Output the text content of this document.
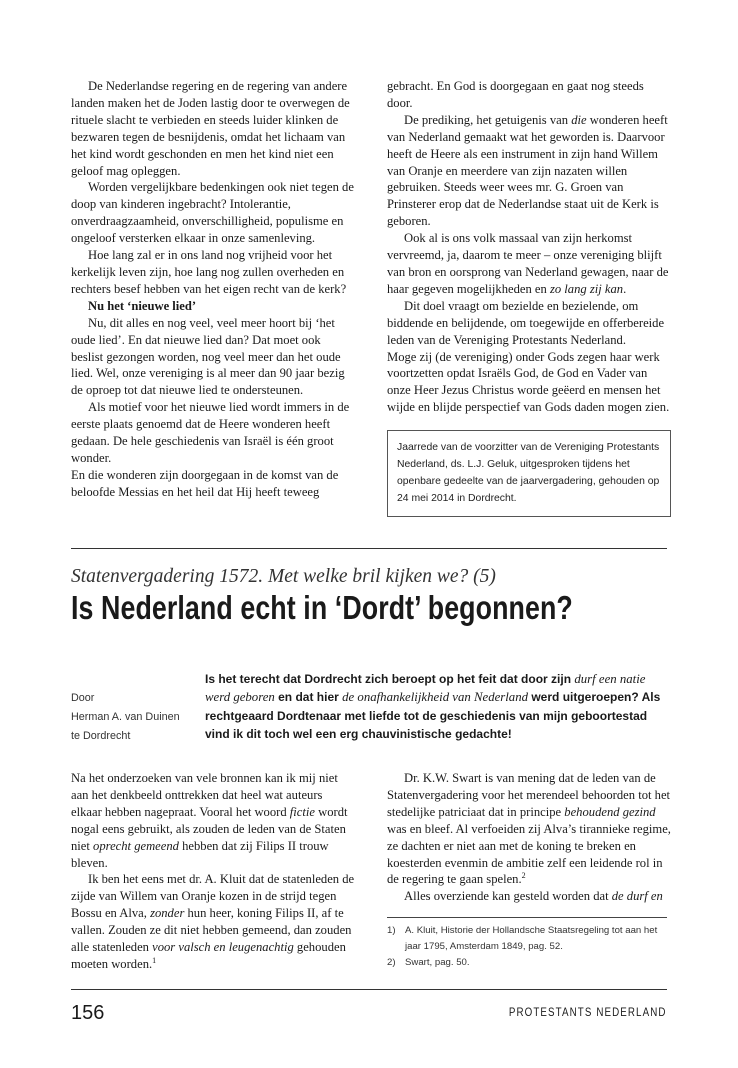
De Nederlandse regering en de regering van andere landen maken het de Joden lastig door te overwegen de rituele slacht te verbieden en steeds luider klinken de bezwaren tegen de besnijdenis, omdat het lichaam van het kind wordt geschonden en men het kind niet een geloof mag opleggen.

Worden vergelijkbare bedenkingen ook niet tegen de doop van kinderen ingebracht? Intolerantie, onverdraagzaamheid, onverschilligheid, populisme en ongeloof versterken elkaar in onze samenleving.

Hoe lang zal er in ons land nog vrijheid voor het kerkelijk leven zijn, hoe lang nog zullen overheden en rechters besef hebben van het eigen recht van de kerk?

Nu het ‘nieuwe lied’

Nu, dit alles en nog veel, veel meer hoort bij ‘het oude lied’. En dat nieuwe lied dan? Dat moet ook beslist gezongen worden, nog veel meer dan het oude lied. Wel, onze vereniging is al meer dan 90 jaar bezig de oproep tot dat nieuwe lied te ondersteunen.

Als motief voor het nieuwe lied wordt immers in de eerste plaats genoemd dat de Heere wonderen heeft gedaan. De hele geschiedenis van Israël is één groot wonder.

En die wonderen zijn doorgegaan in de komst van de beloofde Messias en het heil dat Hij heeft teweeg

gebracht. En God is doorgegaan en gaat nog steeds door.

De prediking, het getuigenis van die wonderen heeft van Nederland gemaakt wat het geworden is. Daarvoor heeft de Heere als een instrument in zijn hand Willem van Oranje en meerdere van zijn nazaten willen gebruiken. Steeds weer wees mr. G. Groen van Prinsterer erop dat de Nederlandse staat uit de Kerk is geboren.

Ook al is ons volk massaal van zijn herkomst vervreemd, ja, daarom te meer – onze vereniging blijft van bron en oorsprong van Nederland gewagen, naar de haar gegeven mogelijkheden en zo lang zij kan.

Dit doel vraagt om bezielde en bezielende, om biddende en belijdende, om toegewijde en offerbereide leden van de Vereniging Protestants Nederland.

Moge zij (de vereniging) onder Gods zegen haar werk voortzetten opdat Israëls God, de God en Vader van onze Heer Jezus Christus worde geëerd en mensen het wijde en blijde perspectief van Gods daden mogen zien.

Jaarrede van de voorzitter van de Vereniging Protestants Nederland, ds. L.J. Geluk, uitgesproken tijdens het openbare gedeelte van de jaarvergadering, gehouden op 24 mei 2014 in Dordrecht.
Statenvergadering 1572. Met welke bril kijken we? (5)
Is Nederland echt in ‘Dordt’ begonnen?
Door
Herman A. van Duinen
te Dordrecht
Is het terecht dat Dordrecht zich beroept op het feit dat door zijn durf een natie werd geboren en dat hier de onafhankelijkheid van Nederland werd uitgeroepen? Als rechtgeaard Dordtenaar met liefde tot de geschiedenis van mijn geboortestad vind ik dit toch wel een erg chauvinistische gedachte!

Na het onderzoeken van vele bronnen kan ik mij niet aan het denkbeeld onttrekken dat heel wat auteurs elkaar hebben nagepraat. Vooral het woord fictie wordt nogal eens gebruikt, als zouden de leden van de Staten niet oprecht gemeend hebben dat zij Filips II trouw bleven.

Ik ben het eens met dr. A. Kluit dat de statenleden de zijde van Willem van Oranje kozen in de strijd tegen Bossu en Alva, zonder hun heer, koning Filips II, af te vallen. Zouden ze dit niet hebben gemeend, dan zouden alle statenleden voor valsch en leugenachtig gehouden moeten worden.$^1$

Dr. K.W. Swart is van mening dat de leden van de Statenvergadering voor het merendeel behoorden tot het stedelijke patriciaat dat in principe behoudend gezind was en bleef. Al verfoeiden zij Alva’s tirannieke regime, ze dachten er niet aan met de koning te breken en koesterden evenmin de ambitie zelf een leidende rol in de regering te gaan spelen.$^2$

Alles overziende kan gesteld worden dat de durf en

1) A. Kluit, Historie der Hollandsche Staatsregeling tot aan het jaar 1795, Amsterdam 1849, pag. 52.
2) Swart, pag. 50.
156	PROTESTANTS NEDERLAND
